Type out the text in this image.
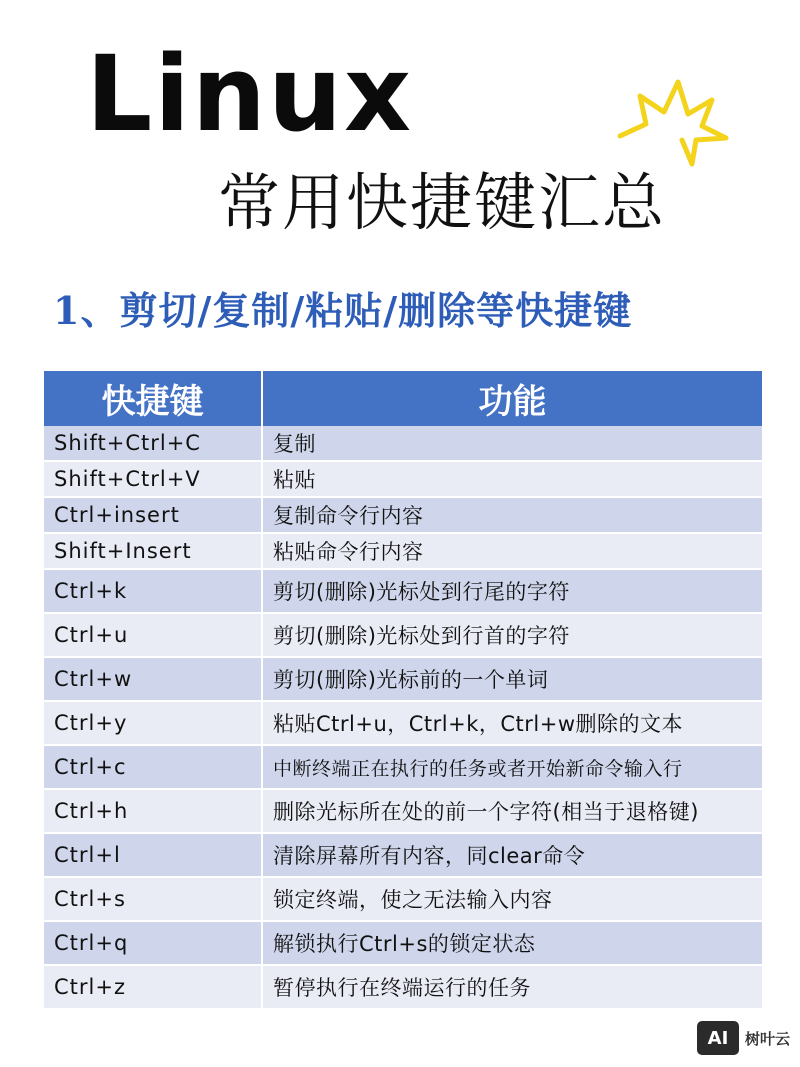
Linux
常用快捷键汇总
1、剪切/复制/粘贴/删除等快捷键
快捷键	功能
Shift+Ctrl+C	复制
Shift+Ctrl+V	粘贴
Ctrl+insert	复制命令行内容
Shift+Insert	粘贴命令行内容
Ctrl+k	剪切(删除)光标处到行尾的字符
Ctrl+u	剪切(删除)光标处到行首的字符
Ctrl+w	剪切(删除)光标前的一个单词
Ctrl+y	粘贴Ctrl+u，Ctrl+k，Ctrl+w删除的文本
Ctrl+c	中断终端正在执行的任务或者开始新命令输入行
Ctrl+h	删除光标所在处的前一个字符(相当于退格键)
Ctrl+l	清除屏幕所有内容，同clear命令
Ctrl+s	锁定终端，使之无法输入内容
Ctrl+q	解锁执行Ctrl+s的锁定状态
Ctrl+z	暂停执行在终端运行的任务
AI	树叶云
